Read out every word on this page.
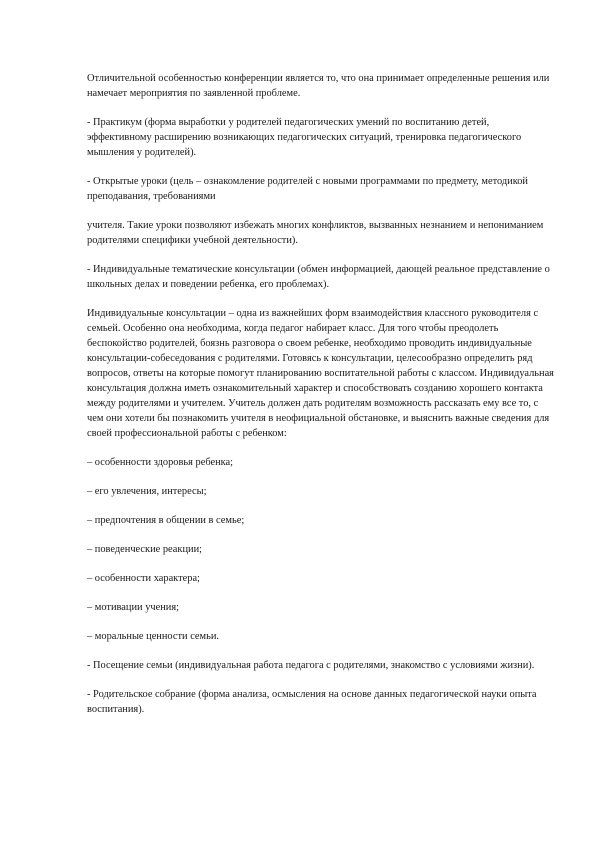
Отличительной особенностью конференции является то, что она принимает определенные решения или намечает мероприятия по заявленной проблеме.

- Практикум (форма выработки у родителей педагогических умений по воспитанию детей, эффективному расширению возникающих педагогических ситуаций, тренировка педагогического мышления у родителей).

- Открытые уроки (цель – ознакомление родителей с новыми программами по предмету, методикой преподавания, требованиями

учителя. Такие уроки позволяют избежать многих конфликтов, вызванных незнанием и непониманием родителями специфики учебной деятельности).

- Индивидуальные тематические консультации (обмен информацией, дающей реальное представление о школьных делах и поведении ребенка, его проблемах).

Индивидуальные консультации – одна из важнейших форм взаимодействия классного руководителя с семьей. Особенно она необходима, когда педагог набирает класс. Для того чтобы преодолеть беспокойство родителей, боязнь разговора о своем ребенке, необходимо проводить индивидуальные консультации-собеседования с родителями. Готовясь к консультации, целесообразно определить ряд вопросов, ответы на которые помогут планированию воспитательной работы с классом. Индивидуальная консультация должна иметь ознакомительный характер и способствовать созданию хорошего контакта между родителями и учителем. Учитель должен дать родителям возможность рассказать ему все то, с чем они хотели бы познакомить учителя в неофициальной обстановке, и выяснить важные сведения для своей профессиональной работы с ребенком:

– особенности здоровья ребенка;

– его увлечения, интересы;

– предпочтения в общении в семье;

– поведенческие реакции;

– особенности характера;

– мотивации учения;

– моральные ценности семьи.

- Посещение семьи (индивидуальная работа педагога с родителями, знакомство с условиями жизни).

- Родительское собрание (форма анализа, осмысления на основе данных педагогической науки опыта воспитания).
